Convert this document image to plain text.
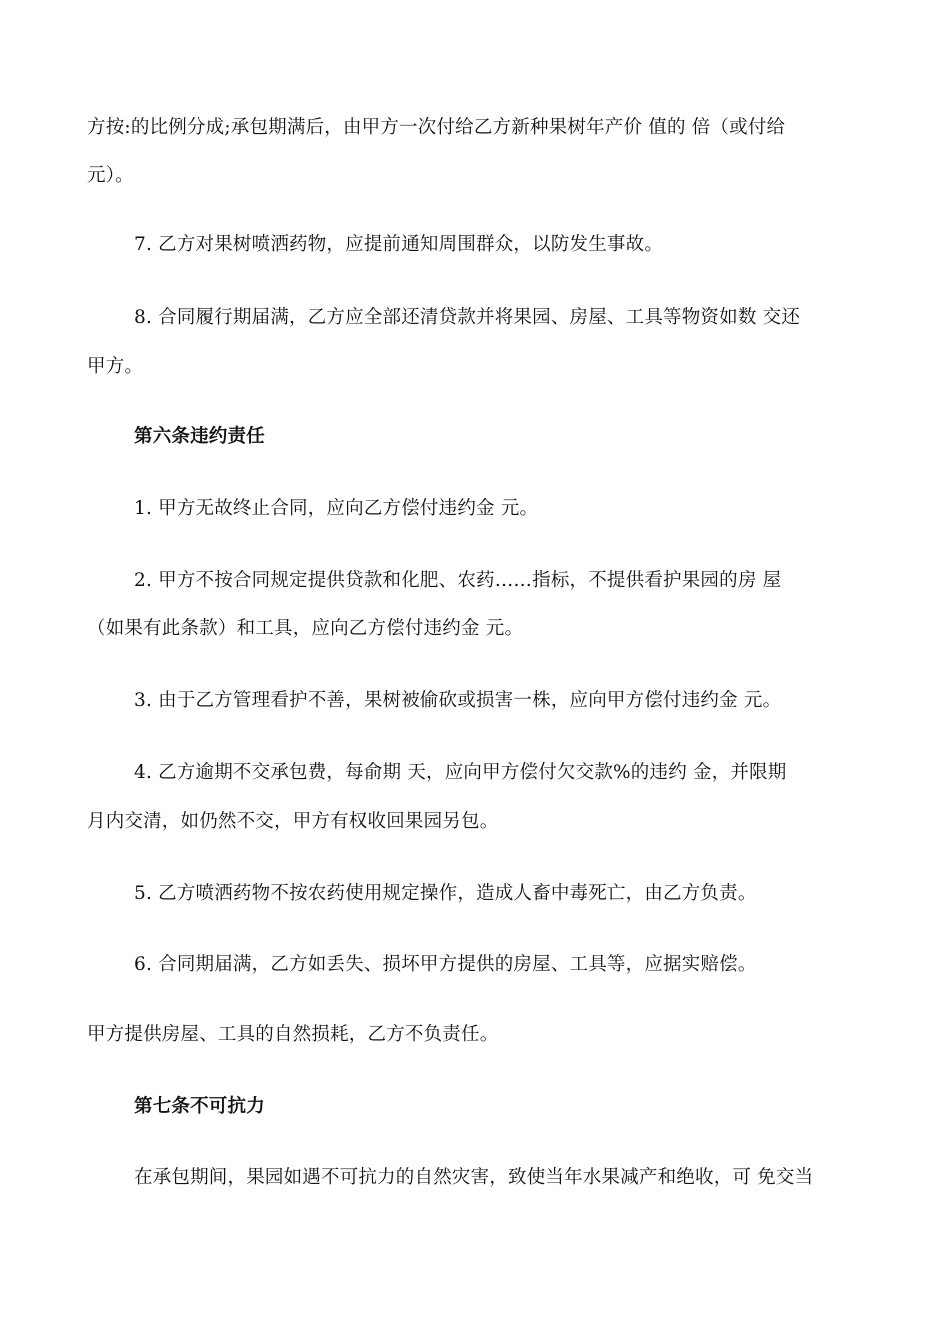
方按:的比例分成;承包期满后，由甲方一次付给乙方新种果树年产价 值的 倍（或付给
元）。
7. 乙方对果树喷洒药物，应提前通知周围群众，以防发生事故。
8. 合同履行期届满，乙方应全部还清贷款并将果园、房屋、工具等物资如数 交还
甲方。
第六条违约责任
1. 甲方无故终止合同，应向乙方偿付违约金 元。
2. 甲方不按合同规定提供贷款和化肥、农药……指标，不提供看护果园的房 屋
（如果有此条款）和工具，应向乙方偿付违约金 元。
3. 由于乙方管理看护不善，果树被偷砍或损害一株，应向甲方偿付违约金 元。
4. 乙方逾期不交承包费，每俞期 天，应向甲方偿付欠交款%的违约 金，并限期
月内交清，如仍然不交，甲方有权收回果园另包。
5. 乙方喷洒药物不按农药使用规定操作，造成人畜中毒死亡，由乙方负责。
6. 合同期届满，乙方如丢失、损坏甲方提供的房屋、工具等，应据实赔偿。
甲方提供房屋、工具的自然损耗，乙方不负责任。
第七条不可抗力
在承包期间，果园如遇不可抗力的自然灾害，致使当年水果减产和绝收，可 免交当
